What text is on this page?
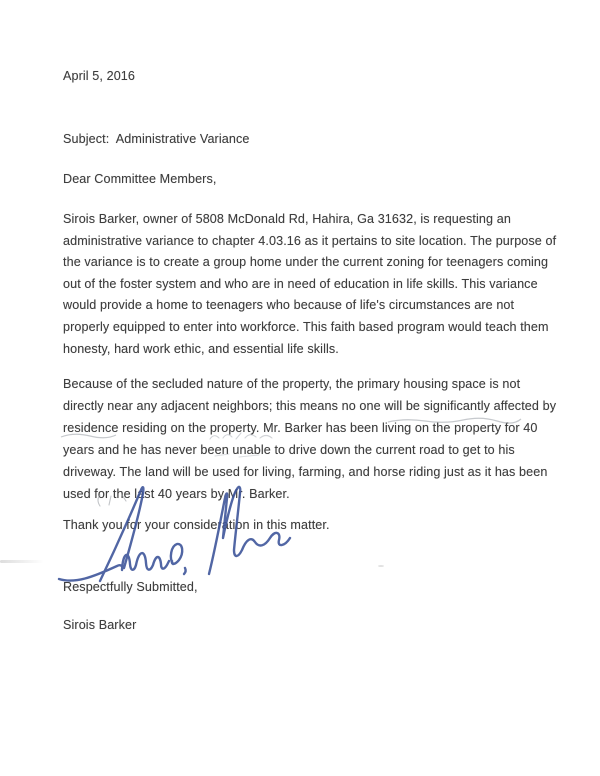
April 5, 2016
Subject:  Administrative Variance
Dear Committee Members,
Sirois Barker, owner of 5808 McDonald Rd, Hahira, Ga 31632, is requesting an
administrative variance to chapter 4.03.16 as it pertains to site location. The purpose of
the variance is to create a group home under the current zoning for teenagers coming
out of the foster system and who are in need of education in life skills. This variance
would provide a home to teenagers who because of life's circumstances are not
properly equipped to enter into workforce. This faith based program would teach them
honesty, hard work ethic, and essential life skills.
Because of the secluded nature of the property, the primary housing space is not
directly near any adjacent neighbors; this means no one will be significantly affected by
residence residing on the property. Mr. Barker has been living on the property for 40
years and he has never been unable to drive down the current road to get to his
driveway. The land will be used for living, farming, and horse riding just as it has been
used for the last 40 years by Mr. Barker.
Thank you for your consideration in this matter.
Respectfully Submitted,
Sirois Barker
